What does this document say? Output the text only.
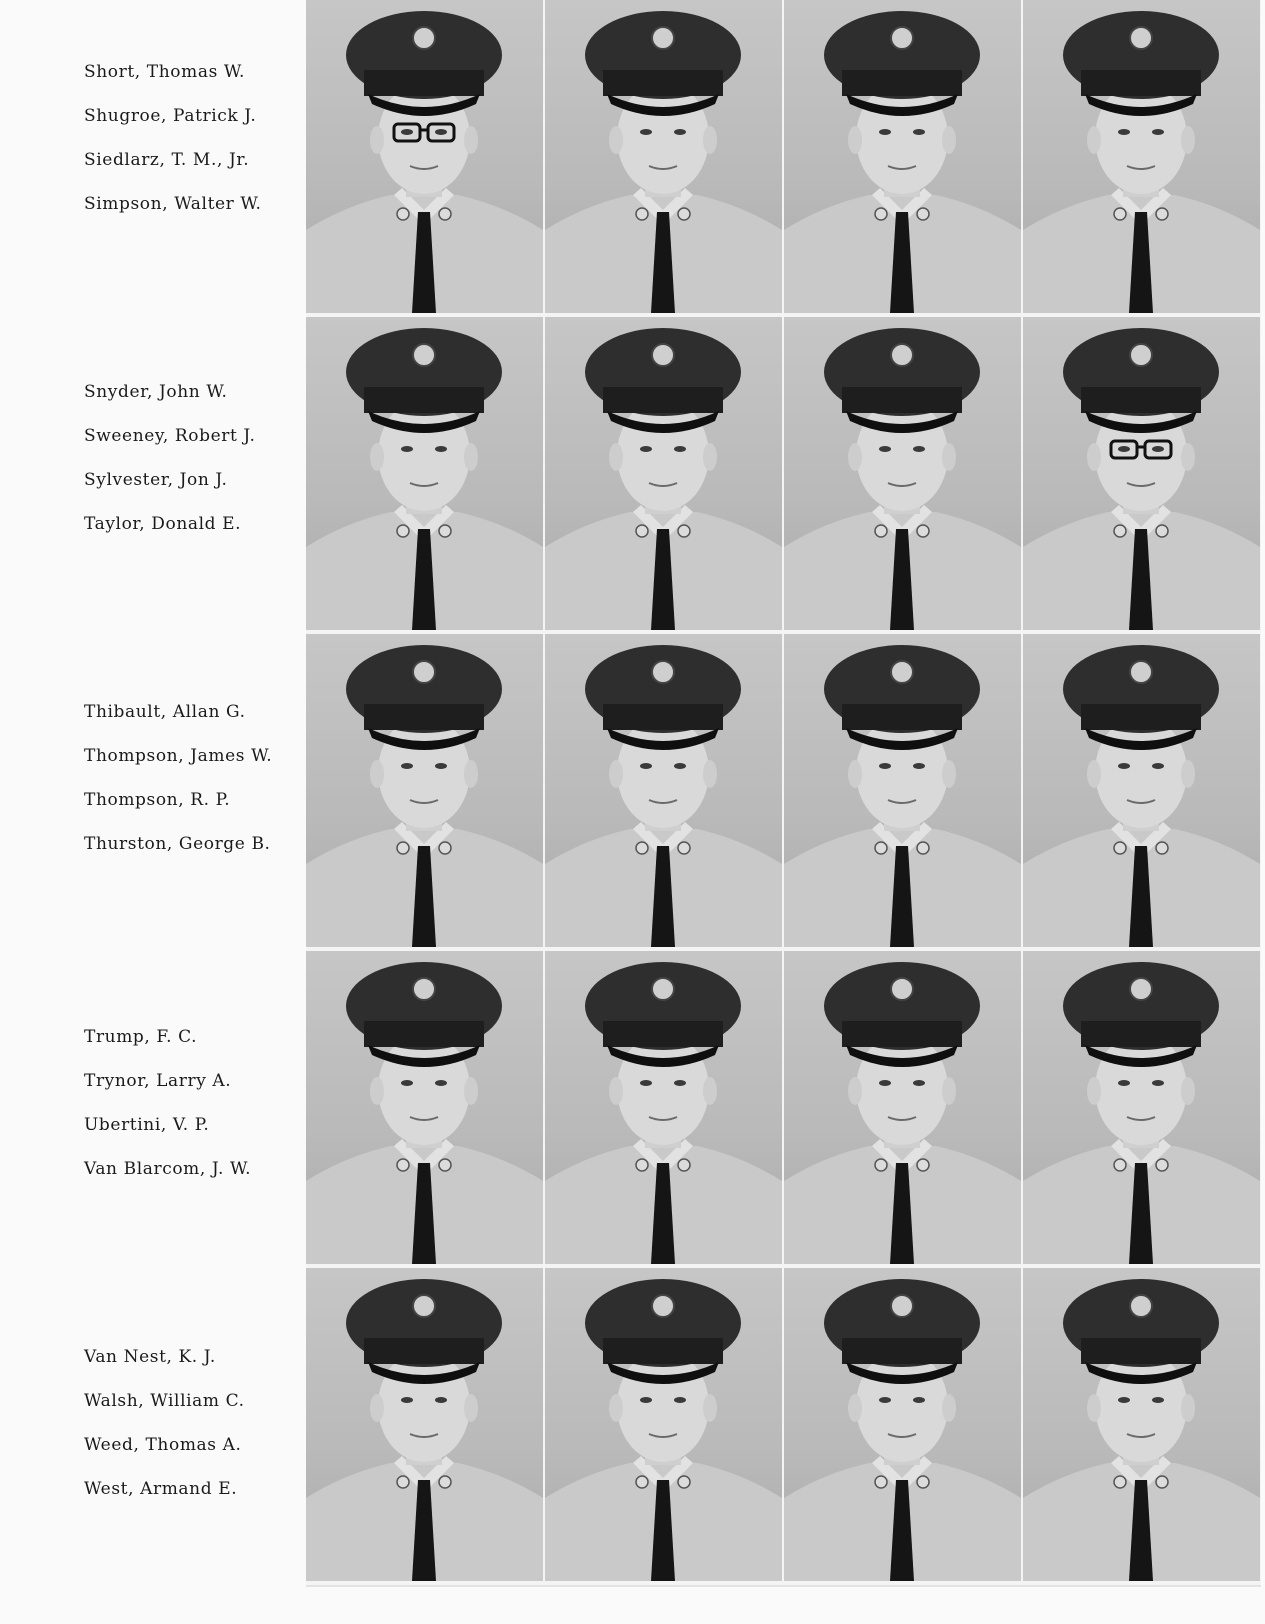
Short, Thomas W.
Shugroe, Patrick J.
Siedlarz, T. M., Jr.
Simpson, Walter W.
Snyder, John W.
Sweeney, Robert J.
Sylvester, Jon J.
Taylor, Donald E.
Thibault, Allan G.
Thompson, James W.
Thompson, R. P.
Thurston, George B.
Trump, F. C.
Trynor, Larry A.
Ubertini, V. P.
Van Blarcom, J. W.
Van Nest, K. J.
Walsh, William C.
Weed, Thomas A.
West, Armand E.
